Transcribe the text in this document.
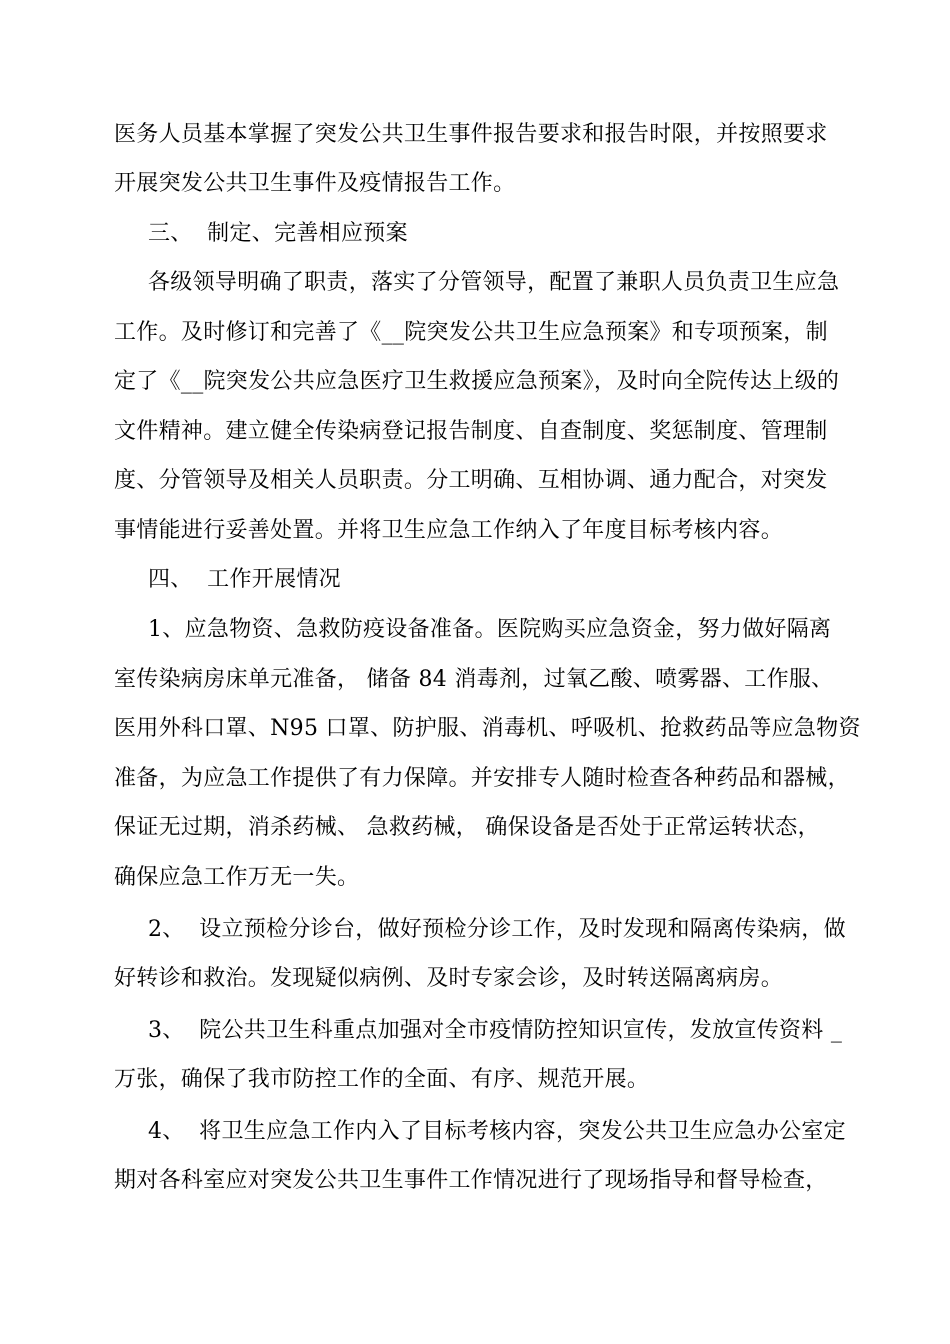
医务人员基本掌握了突发公共卫生事件报告要求和报告时限，并按照要求
开展突发公共卫生事件及疫情报告工作。
三、  制定、完善相应预案
各级领导明确了职责，落实了分管领导，配置了兼职人员负责卫生应急
工作。及时修订和完善了《__院突发公共卫生应急预案》和专项预案，制
定了《__院突发公共应急医疗卫生救援应急预案》，及时向全院传达上级的
文件精神。建立健全传染病登记报告制度、自查制度、奖惩制度、管理制
度、分管领导及相关人员职责。分工明确、互相协调、通力配合，对突发
事情能进行妥善处置。并将卫生应急工作纳入了年度目标考核内容。
四、  工作开展情况
1、应急物资、急救防疫设备准备。医院购买应急资金，努力做好隔离
室传染病房床单元准备， 储备 84 消毒剂，过氧乙酸、喷雾器、工作服、
医用外科口罩、N95 口罩、防护服、消毒机、呼吸机、抢救药品等应急物资
准备，为应急工作提供了有力保障。并安排专人随时检查各种药品和器械，
保证无过期，消杀药械、 急救药械， 确保设备是否处于正常运转状态，
确保应急工作万无一失。
2、  设立预检分诊台，做好预检分诊工作，及时发现和隔离传染病，做
好转诊和救治。发现疑似病例、及时专家会诊，及时转送隔离病房。
3、  院公共卫生科重点加强对全市疫情防控知识宣传，发放宣传资料 _
万张，确保了我市防控工作的全面、有序、规范开展。
4、  将卫生应急工作内入了目标考核内容，突发公共卫生应急办公室定
期对各科室应对突发公共卫生事件工作情况进行了现场指导和督导检查，
